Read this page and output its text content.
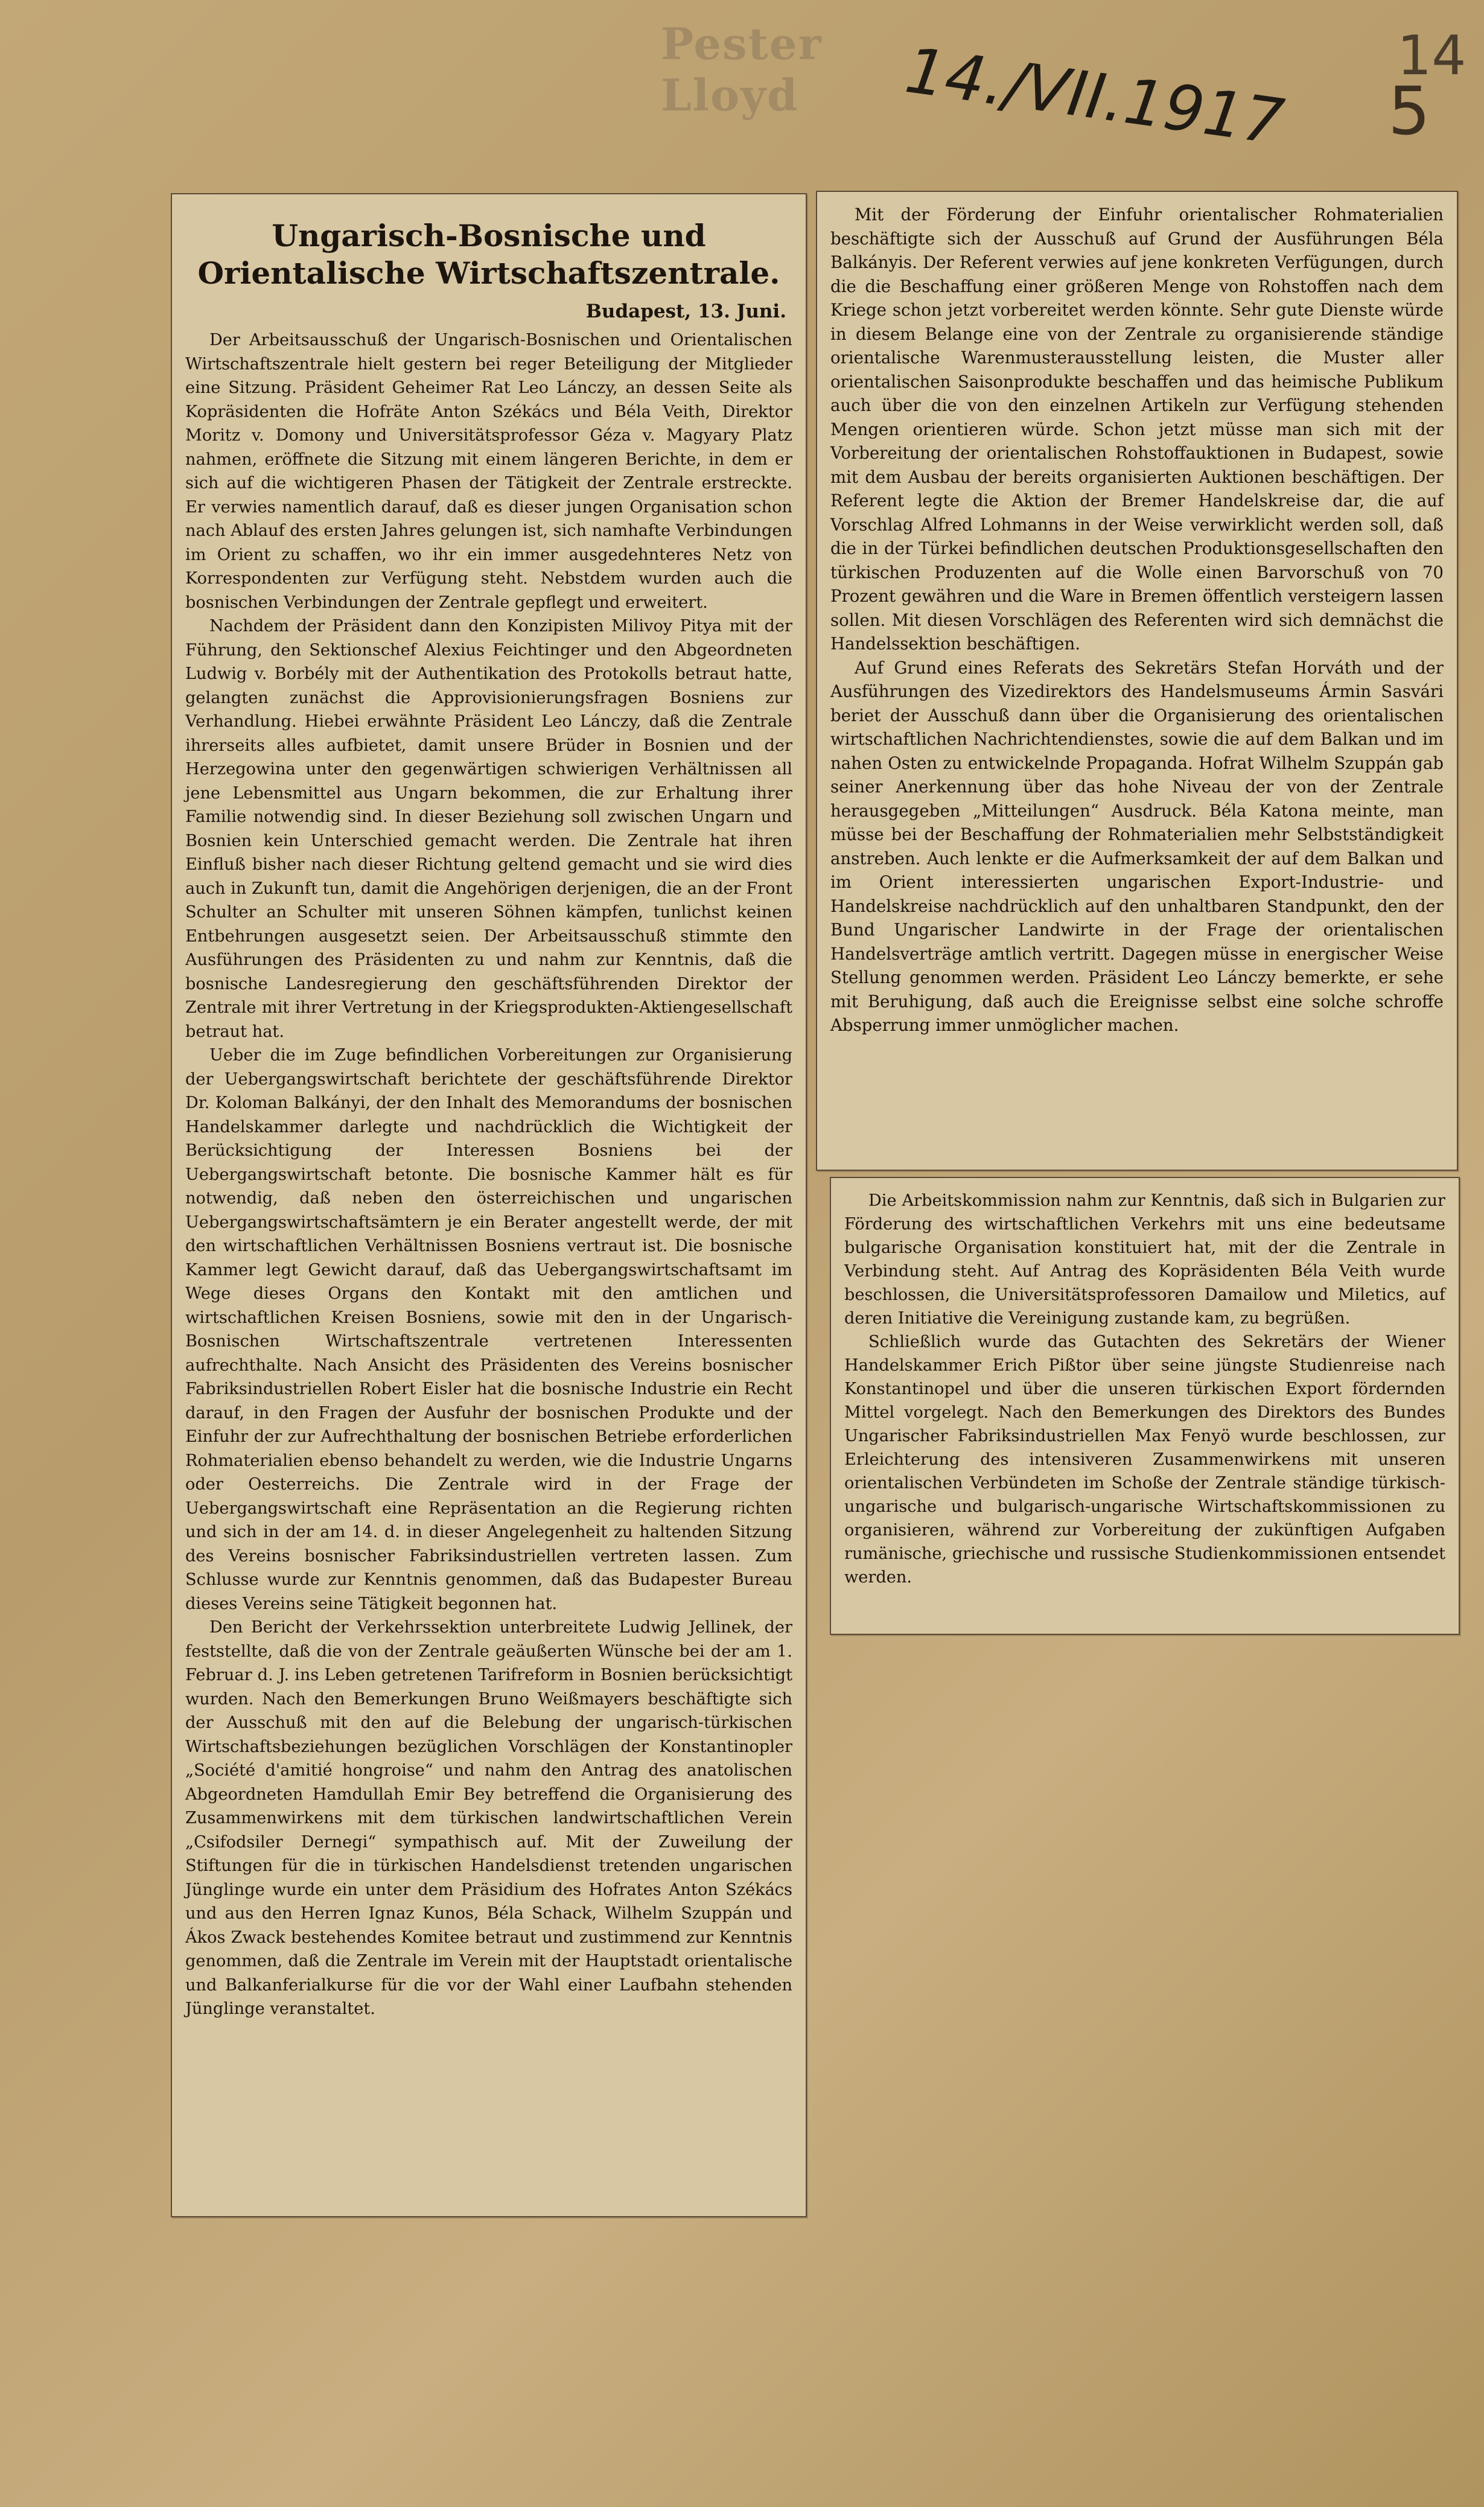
Pester Lloyd	14./VII.1917 14
5
Ungarisch-Bosnische und Orientalische Wirtschaftszentrale.
Budapest, 13. Juni.

Der Arbeitsausschuß der Ungarisch-Bosnischen und Orientalischen Wirtschaftszentrale hielt gestern bei reger Beteiligung der Mitglieder eine Sitzung. Präsident Geheimer Rat Leo Lánczy, an dessen Seite als Kopräsidenten die Hofräte Anton Székács und Béla Veith, Direktor Moritz v. Domony und Universitätsprofessor Géza v. Magyary Platz nahmen, eröffnete die Sitzung mit einem längeren Berichte, in dem er sich auf die wichtigeren Phasen der Tätigkeit der Zentrale erstreckte. Er verwies namentlich darauf, daß es dieser jungen Organisation schon nach Ablauf des ersten Jahres gelungen ist, sich namhafte Verbindungen im Orient zu schaffen, wo ihr ein immer ausgedehnteres Netz von Korrespondenten zur Verfügung steht. Nebstdem wurden auch die bosnischen Verbindungen der Zentrale gepflegt und erweitert.

Nachdem der Präsident dann den Konzipisten Milivoy Pitya mit der Führung, den Sektionschef Alexius Feichtinger und den Abgeordneten Ludwig v. Borbély mit der Authentikation des Protokolls betraut hatte, gelangten zunächst die Approvisionierungsfragen Bosniens zur Verhandlung. Hiebei erwähnte Präsident Leo Lánczy, daß die Zentrale ihrerseits alles aufbietet, damit unsere Brüder in Bosnien und der Herzegowina unter den gegenwärtigen schwierigen Verhältnissen all jene Lebensmittel aus Ungarn bekommen, die zur Erhaltung ihrer Familie notwendig sind. In dieser Beziehung soll zwischen Ungarn und Bosnien kein Unterschied gemacht werden. Die Zentrale hat ihren Einfluß bisher nach dieser Richtung geltend gemacht und sie wird dies auch in Zukunft tun, damit die Angehörigen derjenigen, die an der Front Schulter an Schulter mit unseren Söhnen kämpfen, tunlichst keinen Entbehrungen ausgesetzt seien. Der Arbeitsausschuß stimmte den Ausführungen des Präsidenten zu und nahm zur Kenntnis, daß die bosnische Landesregierung den geschäftsführenden Direktor der Zentrale mit ihrer Vertretung in der Kriegsprodukten-Aktiengesellschaft betraut hat.

Ueber die im Zuge befindlichen Vorbereitungen zur Organisierung der Uebergangswirtschaft berichtete der geschäftsführende Direktor Dr. Koloman Balkányi, der den Inhalt des Memorandums der bosnischen Handelskammer darlegte und nachdrücklich die Wichtigkeit der Berücksichtigung der Interessen Bosniens bei der Uebergangswirtschaft betonte. Die bosnische Kammer hält es für notwendig, daß neben den österreichischen und ungarischen Uebergangswirtschaftsämtern je ein Berater angestellt werde, der mit den wirtschaftlichen Verhältnissen Bosniens vertraut ist. Die bosnische Kammer legt Gewicht darauf, daß das Uebergangswirtschaftsamt im Wege dieses Organs den Kontakt mit den amtlichen und wirtschaftlichen Kreisen Bosniens, sowie mit den in der Ungarisch-Bosnischen Wirtschaftszentrale vertretenen Interessenten aufrechthalte. Nach Ansicht des Präsidenten des Vereins bosnischer Fabriksindustriellen Robert Eisler hat die bosnische Industrie ein Recht darauf, in den Fragen der Ausfuhr der bosnischen Produkte und der Einfuhr der zur Aufrechthaltung der bosnischen Betriebe erforderlichen Rohmaterialien ebenso behandelt zu werden, wie die Industrie Ungarns oder Oesterreichs. Die Zentrale wird in der Frage der Uebergangswirtschaft eine Repräsentation an die Regierung richten und sich in der am 14. d. in dieser Angelegenheit zu haltenden Sitzung des Vereins bosnischer Fabriksindustriellen vertreten lassen. Zum Schlusse wurde zur Kenntnis genommen, daß das Budapester Bureau dieses Vereins seine Tätigkeit begonnen hat.

Den Bericht der Verkehrssektion unterbreitete Ludwig Jellinek, der feststellte, daß die von der Zentrale geäußerten Wünsche bei der am 1. Februar d. J. ins Leben getretenen Tarifreform in Bosnien berücksichtigt wurden. Nach den Bemerkungen Bruno Weißmayers beschäftigte sich der Ausschuß mit den auf die Belebung der ungarisch-türkischen Wirtschaftsbeziehungen bezüglichen Vorschlägen der Konstantinopler „Société d'amitié hongroise“ und nahm den Antrag des anatolischen Abgeordneten Hamdullah Emir Bey betreffend die Organisierung des Zusammenwirkens mit dem türkischen landwirtschaftlichen Verein „Csifodsiler Dernegi“ sympathisch auf. Mit der Zuweilung der Stiftungen für die in türkischen Handelsdienst tretenden ungarischen Jünglinge wurde ein unter dem Präsidium des Hofrates Anton Székács und aus den Herren Ignaz Kunos, Béla Schack, Wilhelm Szuppán und Ákos Zwack bestehendes Komitee betraut und zustimmend zur Kenntnis genommen, daß die Zentrale im Verein mit der Hauptstadt orientalische und Balkanferialkurse für die vor der Wahl einer Laufbahn stehenden Jünglinge veranstaltet.

Mit der Förderung der Einfuhr orientalischer Rohmaterialien beschäftigte sich der Ausschuß auf Grund der Ausführungen Béla Balkányis. Der Referent verwies auf jene konkreten Verfügungen, durch die die Beschaffung einer größeren Menge von Rohstoffen nach dem Kriege schon jetzt vorbereitet werden könnte. Sehr gute Dienste würde in diesem Belange eine von der Zentrale zu organisierende ständige orientalische Warenmusterausstellung leisten, die Muster aller orientalischen Saisonprodukte beschaffen und das heimische Publikum auch über die von den einzelnen Artikeln zur Verfügung stehenden Mengen orientieren würde. Schon jetzt müsse man sich mit der Vorbereitung der orientalischen Rohstoffauktionen in Budapest, sowie mit dem Ausbau der bereits organisierten Auktionen beschäftigen. Der Referent legte die Aktion der Bremer Handelskreise dar, die auf Vorschlag Alfred Lohmanns in der Weise verwirklicht werden soll, daß die in der Türkei befindlichen deutschen Produktionsgesellschaften den türkischen Produzenten auf die Wolle einen Barvorschuß von 70 Prozent gewähren und die Ware in Bremen öffentlich versteigern lassen sollen. Mit diesen Vorschlägen des Referenten wird sich demnächst die Handelssektion beschäftigen.

Auf Grund eines Referats des Sekretärs Stefan Horváth und der Ausführungen des Vizedirektors des Handelsmuseums Ármin Sasvári beriet der Ausschuß dann über die Organisierung des orientalischen wirtschaftlichen Nachrichtendienstes, sowie die auf dem Balkan und im nahen Osten zu entwickelnde Propaganda. Hofrat Wilhelm Szuppán gab seiner Anerkennung über das hohe Niveau der von der Zentrale herausgegeben „Mitteilungen“ Ausdruck. Béla Katona meinte, man müsse bei der Beschaffung der Rohmaterialien mehr Selbstständigkeit anstreben. Auch lenkte er die Aufmerksamkeit der auf dem Balkan und im Orient interessierten ungarischen Export-Industrie- und Handelskreise nachdrücklich auf den unhaltbaren Standpunkt, den der Bund Ungarischer Landwirte in der Frage der orientalischen Handelsverträge amtlich vertritt. Dagegen müsse in energischer Weise Stellung genommen werden. Präsident Leo Lánczy bemerkte, er sehe mit Beruhigung, daß auch die Ereignisse selbst eine solche schroffe Absperrung immer unmöglicher machen.

Die Arbeitskommission nahm zur Kenntnis, daß sich in Bulgarien zur Förderung des wirtschaftlichen Verkehrs mit uns eine bedeutsame bulgarische Organisation konstituiert hat, mit der die Zentrale in Verbindung steht. Auf Antrag des Kopräsidenten Béla Veith wurde beschlossen, die Universitätsprofessoren Damailow und Miletics, auf deren Initiative die Vereinigung zustande kam, zu begrüßen.

Schließlich wurde das Gutachten des Sekretärs der Wiener Handelskammer Erich Pißtor über seine jüngste Studienreise nach Konstantinopel und über die unseren türkischen Export fördernden Mittel vorgelegt. Nach den Bemerkungen des Direktors des Bundes Ungarischer Fabriksindustriellen Max Fenyö wurde beschlossen, zur Erleichterung des intensiveren Zusammenwirkens mit unseren orientalischen Verbündeten im Schoße der Zentrale ständige türkisch-ungarische und bulgarisch-ungarische Wirtschaftskommissionen zu organisieren, während zur Vorbereitung der zukünftigen Aufgaben rumänische, griechische und russische Studienkommissionen entsendet werden.
